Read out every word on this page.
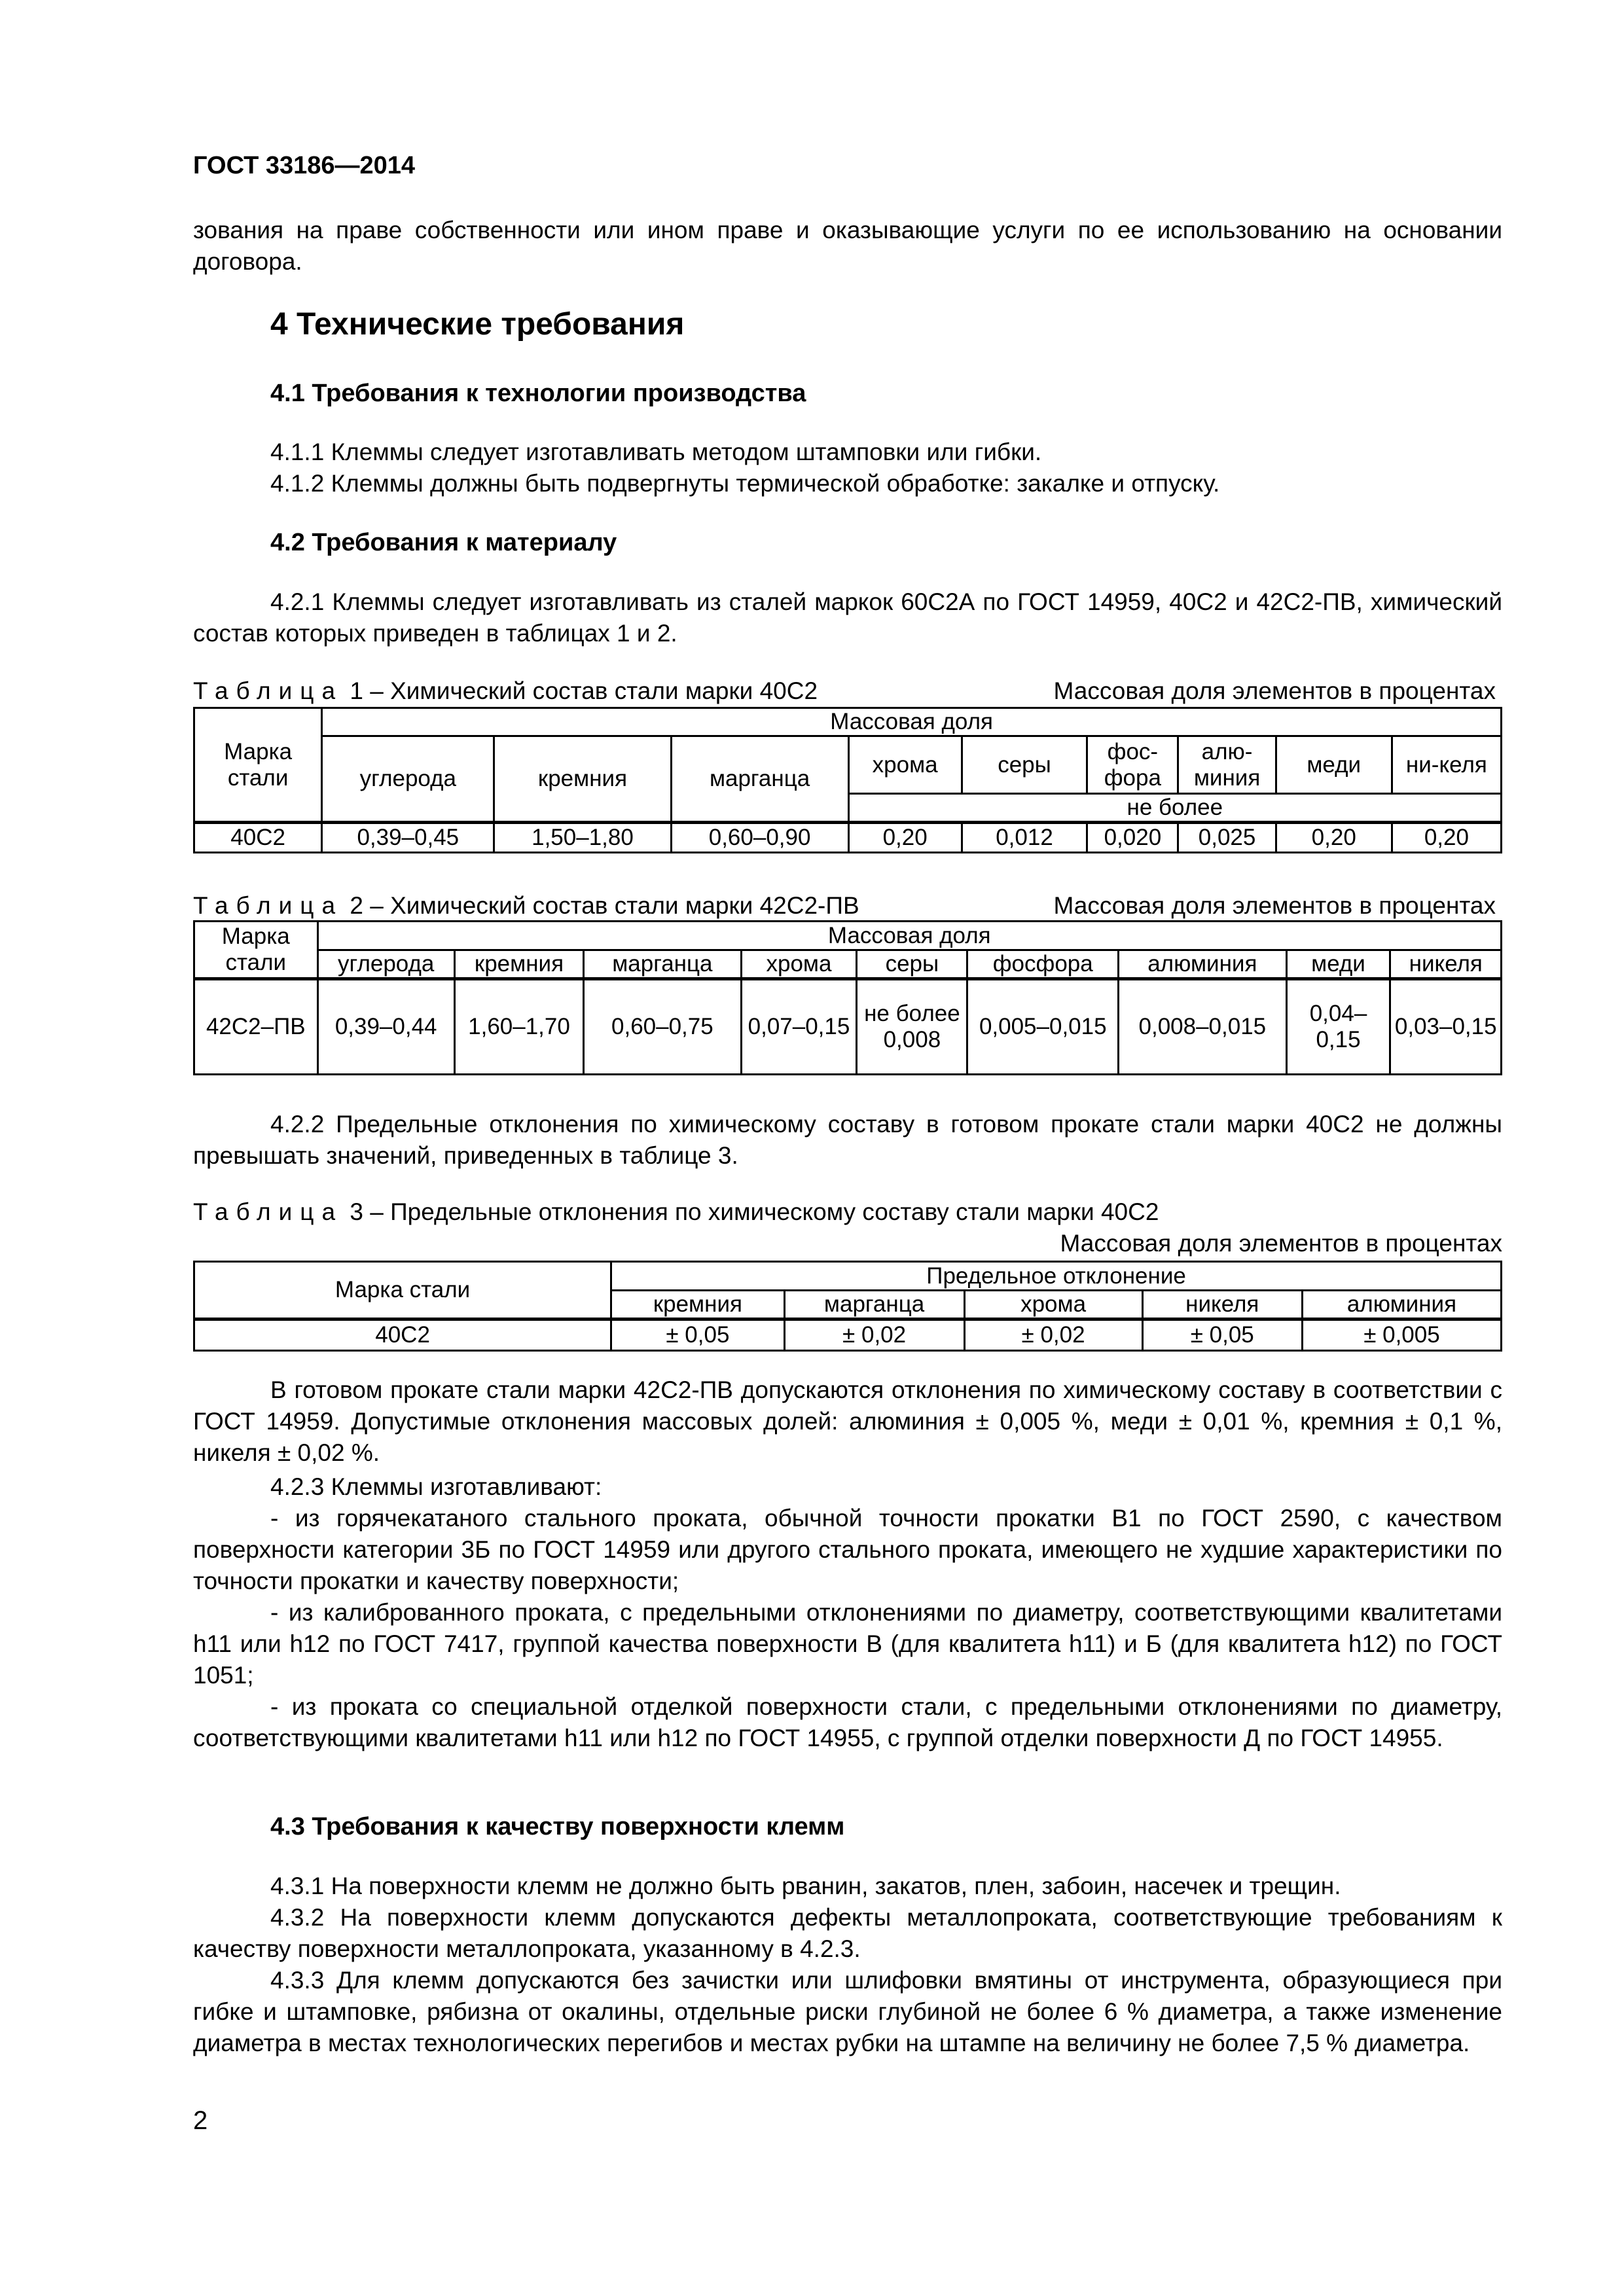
ГОСТ 33186—2014
зования на праве собственности или ином праве и оказывающие услуги по ее использованию на основании договора.
4 Технические требования
4.1 Требования к технологии производства
4.1.1 Клеммы следует изготавливать методом штамповки или гибки.
4.1.2 Клеммы должны быть подвергнуты термической обработке: закалке и отпуску.
4.2 Требования к материалу
4.2.1 Клеммы следует изготавливать из сталей маркок 60С2А по ГОСТ 14959, 40С2 и 42С2-ПВ, химический состав которых приведен в таблицах 1 и 2.
Таблица 1 – Химический состав стали марки 40С2	Массовая доля элементов в процентах
Марка стали	Массовая доля								
	углерода	кремния	марганца	хрома	серы	фос-фора	алю-миния	меди	ни-келя
				не более					
40С2	0,39–0,45	1,50–1,80	0,60–0,90	0,20	0,012	0,020	0,025	0,20	0,20
Таблица 2 – Химический состав стали марки 42С2-ПВ	Массовая доля элементов в процентах
Марка стали	Массовая доля								
	углерода	кремния	марганца	хрома	серы	фосфора	алюминия	меди	никеля
42С2–ПВ	0,39–0,44	1,60–1,70	0,60–0,75	0,07–0,15	не более 0,008	0,005–0,015	0,008–0,015	0,04–0,15	0,03–0,15
4.2.2 Предельные отклонения по химическому составу в готовом прокате стали марки 40С2 не должны превышать значений, приведенных в таблице 3.
Таблица 3 – Предельные отклонения по химическому составу стали марки 40С2
Массовая доля элементов в процентах
Марка стали	Предельное отклонение				
	кремния	марганца	хрома	никеля	алюминия
40С2	± 0,05	± 0,02	± 0,02	± 0,05	± 0,005
В готовом прокате стали марки 42С2-ПВ допускаются отклонения по химическому составу в соответствии с ГОСТ 14959. Допустимые отклонения массовых долей: алюминия ± 0,005 %, меди ± 0,01 %, кремния ± 0,1 %, никеля ± 0,02 %.
4.2.3 Клеммы изготавливают:
- из горячекатаного стального проката, обычной точности прокатки В1 по ГОСТ 2590, с качеством поверхности категории 3Б по ГОСТ 14959 или другого стального проката, имеющего не худшие характеристики по точности прокатки и качеству поверхности;
- из калиброванного проката, с предельными отклонениями по диаметру, соответствующими квалитетами h11 или h12 по ГОСТ 7417, группой качества поверхности В (для квалитета h11) и Б (для квалитета h12) по ГОСТ 1051;
- из проката со специальной отделкой поверхности стали, с предельными отклонениями по диаметру, соответствующими квалитетами h11 или h12 по ГОСТ 14955, с группой отделки поверхности Д по ГОСТ 14955.
4.3 Требования к качеству поверхности клемм
4.3.1 На поверхности клемм не должно быть рванин, закатов, плен, забоин, насечек и трещин.
4.3.2 На поверхности клемм допускаются дефекты металлопроката, соответствующие требованиям к качеству поверхности металлопроката, указанному в 4.2.3.
4.3.3 Для клемм допускаются без зачистки или шлифовки вмятины от инструмента, образующиеся при гибке и штамповке, рябизна от окалины, отдельные риски глубиной не более 6 % диаметра, а также изменение диаметра в местах технологических перегибов и местах рубки на штампе на величину не более 7,5 % диаметра.
2
